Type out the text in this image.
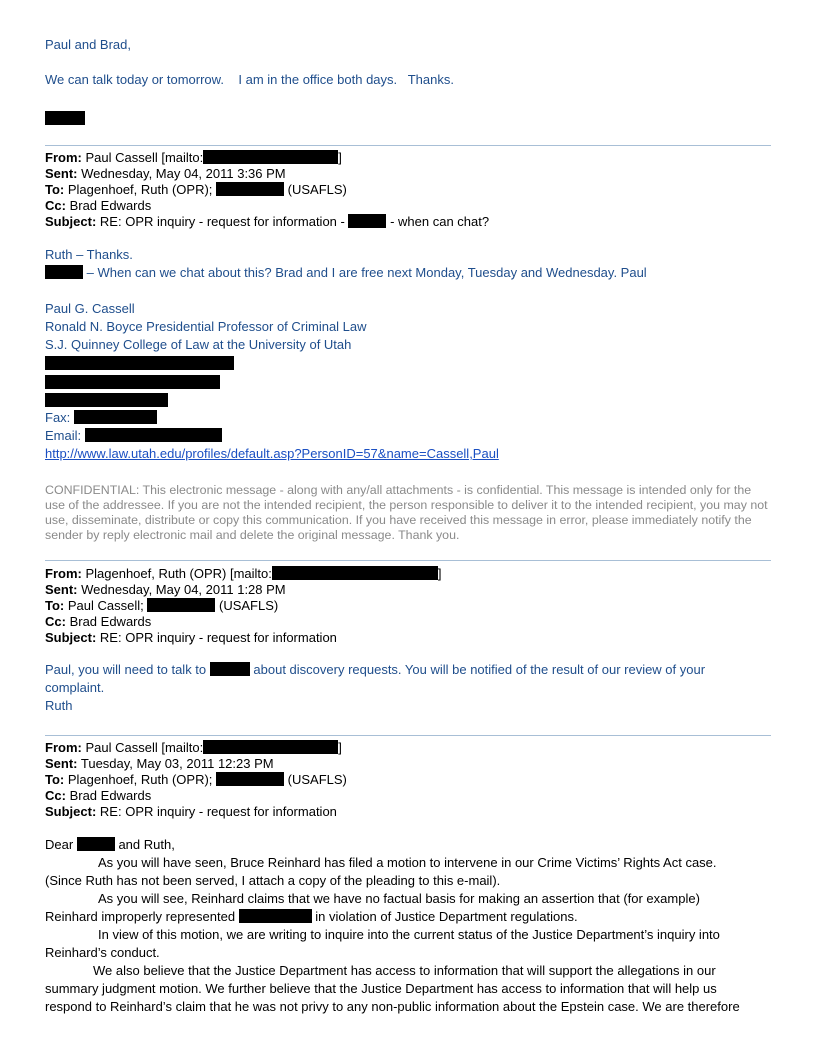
Paul and Brad,
We can talk today or tomorrow.    I am in the office both days.   Thanks.
From: Paul Cassell [mailto:	]
Sent: Wednesday, May 04, 2011 3:36 PM
To: Plagenhoef, Ruth (OPR);	(USAFLS)
Cc: Brad Edwards
Subject: RE: OPR inquiry - request for information -	- when can chat?
Ruth – Thanks.
– When can we chat about this? Brad and I are free next Monday, Tuesday and Wednesday. Paul
Paul G. Cassell
Ronald N. Boyce Presidential Professor of Criminal Law
S.J. Quinney College of Law at the University of Utah
Fax:
Email:
http://www.law.utah.edu/profiles/default.asp?PersonID=57&name=Cassell,Paul
CONFIDENTIAL: This electronic message - along with any/all attachments - is confidential. This message is intended only for the use of the addressee. If you are not the intended recipient, the person responsible to deliver it to the intended recipient, you may not use, disseminate, distribute or copy this communication. If you have received this message in error, please immediately notify the sender by reply electronic mail and delete the original message. Thank you.
From: Plagenhoef, Ruth (OPR) [mailto:	]
Sent: Wednesday, May 04, 2011 1:28 PM
To: Paul Cassell;	(USAFLS)
Cc: Brad Edwards
Subject: RE: OPR inquiry - request for information
Paul, you will need to talk to	about discovery requests. You will be notified of the result of our review of your
complaint.
Ruth
From: Paul Cassell [mailto:	]
Sent: Tuesday, May 03, 2011 12:23 PM
To: Plagenhoef, Ruth (OPR);	(USAFLS)
Cc: Brad Edwards
Subject: RE: OPR inquiry - request for information
Dear	and Ruth,
As you will have seen, Bruce Reinhard has filed a motion to intervene in our Crime Victims’ Rights Act case.
(Since Ruth has not been served, I attach a copy of the pleading to this e-mail).
As you will see, Reinhard claims that we have no factual basis for making an assertion that (for example)
Reinhard improperly represented	in violation of Justice Department regulations.
In view of this motion, we are writing to inquire into the current status of the Justice Department’s inquiry into
Reinhard’s conduct.
We also believe that the Justice Department has access to information that will support the allegations in our
summary judgment motion. We further believe that the Justice Department has access to information that will help us
respond to Reinhard’s claim that he was not privy to any non-public information about the Epstein case. We are therefore
